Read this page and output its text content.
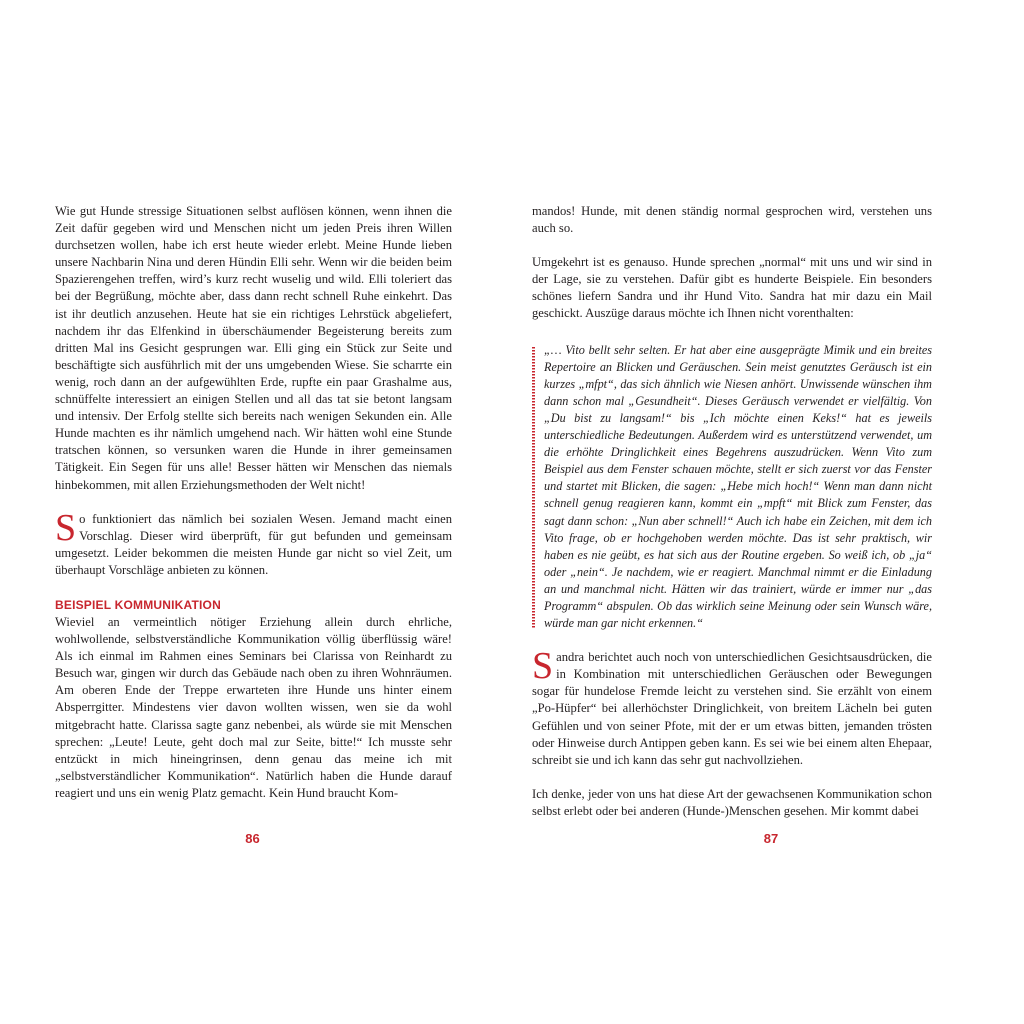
Wie gut Hunde stressige Situationen selbst auflösen können, wenn ihnen die Zeit dafür gegeben wird und Menschen nicht um jeden Preis ihren Willen durchsetzen wollen, habe ich erst heute wieder erlebt. Meine Hunde lieben unsere Nachbarin Nina und deren Hündin Elli sehr. Wenn wir die beiden beim Spazierengehen treffen, wird’s kurz recht wuselig und wild. Elli toleriert das bei der Begrüßung, möchte aber, dass dann recht schnell Ruhe einkehrt. Das ist ihr deutlich anzusehen. Heute hat sie ein richtiges Lehrstück abgeliefert, nachdem ihr das Elfenkind in überschäumender Begeisterung bereits zum dritten Mal ins Gesicht gesprungen war. Elli ging ein Stück zur Seite und beschäftigte sich ausführlich mit der uns umgebenden Wiese. Sie scharrte ein wenig, roch dann an der aufgewühlten Erde, rupfte ein paar Grashalme aus, schnüffelte interessiert an einigen Stellen und all das tat sie betont langsam und intensiv. Der Erfolg stellte sich bereits nach wenigen Sekunden ein. Alle Hunde machten es ihr nämlich umgehend nach. Wir hätten wohl eine Stunde tratschen können, so versunken waren die Hunde in ihrer gemeinsamen Tätigkeit. Ein Segen für uns alle! Besser hätten wir Menschen das niemals hinbekommen, mit allen Erziehungsmethoden der Welt nicht!

So funktioniert das nämlich bei sozialen Wesen. Jemand macht einen Vorschlag. Dieser wird überprüft, für gut befunden und gemeinsam umgesetzt. Leider bekommen die meisten Hunde gar nicht so viel Zeit, um überhaupt Vorschläge anbieten zu können.

BEISPIEL KOMMUNIKATION

Wieviel an vermeintlich nötiger Erziehung allein durch ehrliche, wohlwollende, selbstverständliche Kommunikation völlig überflüssig wäre! Als ich einmal im Rahmen eines Seminars bei Clarissa von Reinhardt zu Besuch war, gingen wir durch das Gebäude nach oben zu ihren Wohnräumen. Am oberen Ende der Treppe erwarteten ihre Hunde uns hinter einem Absperrgitter. Mindestens vier davon wollten wissen, wen sie da wohl mitgebracht hatte. Clarissa sagte ganz nebenbei, als würde sie mit Menschen sprechen: „Leute! Leute, geht doch mal zur Seite, bitte!“ Ich musste sehr entzückt in mich hineingrinsen, denn genau das meine ich mit „selbstverständlicher Kommunikation“. Natürlich haben die Hunde darauf reagiert und uns ein wenig Platz gemacht. Kein Hund braucht Kom-

86

mandos! Hunde, mit denen ständig normal gesprochen wird, verstehen uns auch so.

Umgekehrt ist es genauso. Hunde sprechen „normal“ mit uns und wir sind in der Lage, sie zu verstehen. Dafür gibt es hunderte Beispiele. Ein besonders schönes liefern Sandra und ihr Hund Vito. Sandra hat mir dazu ein Mail geschickt. Auszüge daraus möchte ich Ihnen nicht vorenthalten:

„… Vito bellt sehr selten. Er hat aber eine ausgeprägte Mimik und ein breites Repertoire an Blicken und Geräuschen. Sein meist genutztes Geräusch ist ein kurzes „mfpt“, das sich ähnlich wie Niesen anhört. Unwissende wünschen ihm dann schon mal „Gesundheit“. Dieses Geräusch verwendet er vielfältig. Von „Du bist zu langsam!“ bis „Ich möchte einen Keks!“ hat es jeweils unterschiedliche Bedeutungen. Außerdem wird es unterstützend verwendet, um die erhöhte Dringlichkeit eines Begehrens auszudrücken. Wenn Vito zum Beispiel aus dem Fenster schauen möchte, stellt er sich zuerst vor das Fenster und startet mit Blicken, die sagen: „Hebe mich hoch!“ Wenn man dann nicht schnell genug reagieren kann, kommt ein „mpft“ mit Blick zum Fenster, das sagt dann schon: „Nun aber schnell!“ Auch ich habe ein Zeichen, mit dem ich Vito frage, ob er hochgehoben werden möchte. Das ist sehr praktisch, wir haben es nie geübt, es hat sich aus der Routine ergeben. So weiß ich, ob „ja“ oder „nein“. Je nachdem, wie er reagiert. Manchmal nimmt er die Einladung an und manchmal nicht. Hätten wir das trainiert, würde er immer nur „das Programm“ abspulen. Ob das wirklich seine Meinung oder sein Wunsch wäre, würde man gar nicht erkennen.“

Sandra berichtet auch noch von unterschiedlichen Gesichtsausdrücken, die in Kombination mit unterschiedlichen Geräuschen oder Bewegungen sogar für hundelose Fremde leicht zu verstehen sind. Sie erzählt von einem „Po-Hüpfer“ bei allerhöchster Dringlichkeit, von breitem Lächeln bei guten Gefühlen und von seiner Pfote, mit der er um etwas bitten, jemanden trösten oder Hinweise durch Antippen geben kann. Es sei wie bei einem alten Ehepaar, schreibt sie und ich kann das sehr gut nachvollziehen.

Ich denke, jeder von uns hat diese Art der gewachsenen Kommunikation schon selbst erlebt oder bei anderen (Hunde-)Menschen gesehen. Mir kommt dabei

87
